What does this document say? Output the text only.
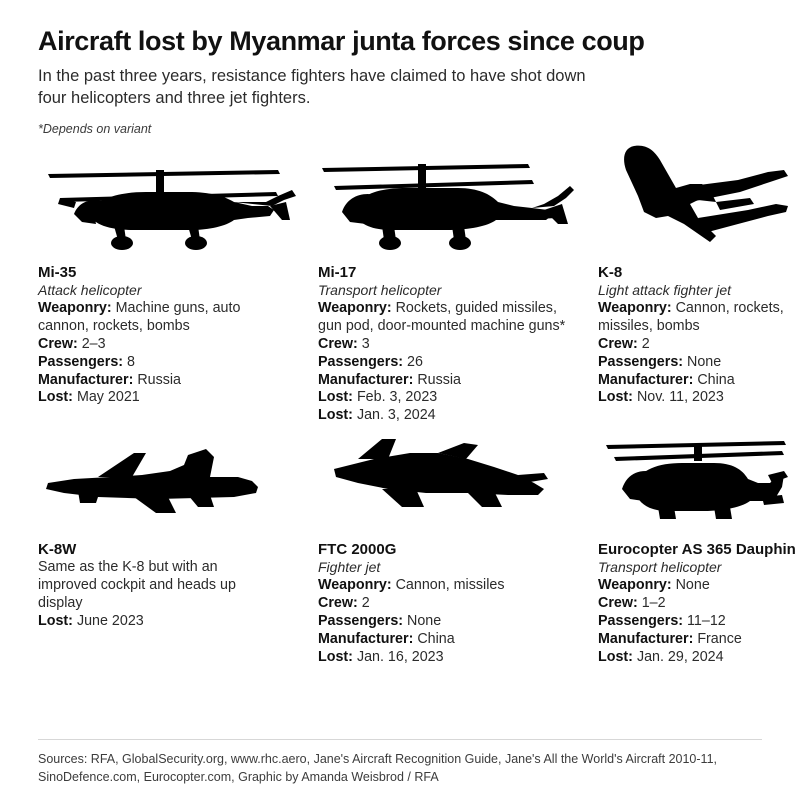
Aircraft lost by Myanmar junta forces since coup

In the past three years, resistance fighters have claimed to have shot down four helicopters and three jet fighters.

*Depends on variant

Mi-35

Attack helicopter

Weaponry: Machine guns, auto cannon, rockets, bombs

Crew: 2–3

Passengers: 8

Manufacturer: Russia

Lost: May 2021

Mi-17

Transport helicopter

Weaponry: Rockets, guided missiles, gun pod, door-mounted machine guns*

Crew: 3

Passengers: 26

Manufacturer: Russia

Lost: Feb. 3, 2023

Lost: Jan. 3, 2024

K-8

Light attack fighter jet

Weaponry: Cannon, rockets, missiles, bombs

Crew: 2

Passengers: None

Manufacturer: China

Lost: Nov. 11, 2023

K-8W

Same as the K-8 but with an improved cockpit and heads up display

Lost: June 2023

FTC 2000G

Fighter jet

Weaponry: Cannon, missiles

Crew: 2

Passengers: None

Manufacturer: China

Lost: Jan. 16, 2023

Eurocopter AS 365 Dauphin

Transport helicopter

Weaponry: None

Crew: 1–2

Passengers: 11–12

Manufacturer: France

Lost: Jan. 29, 2024

Sources: RFA, GlobalSecurity.org, www.rhc.aero, Jane's Aircraft Recognition Guide, Jane's All the World's Aircraft 2010-11, SinoDefence.com, Eurocopter.com, Graphic by Amanda Weisbrod / RFA
